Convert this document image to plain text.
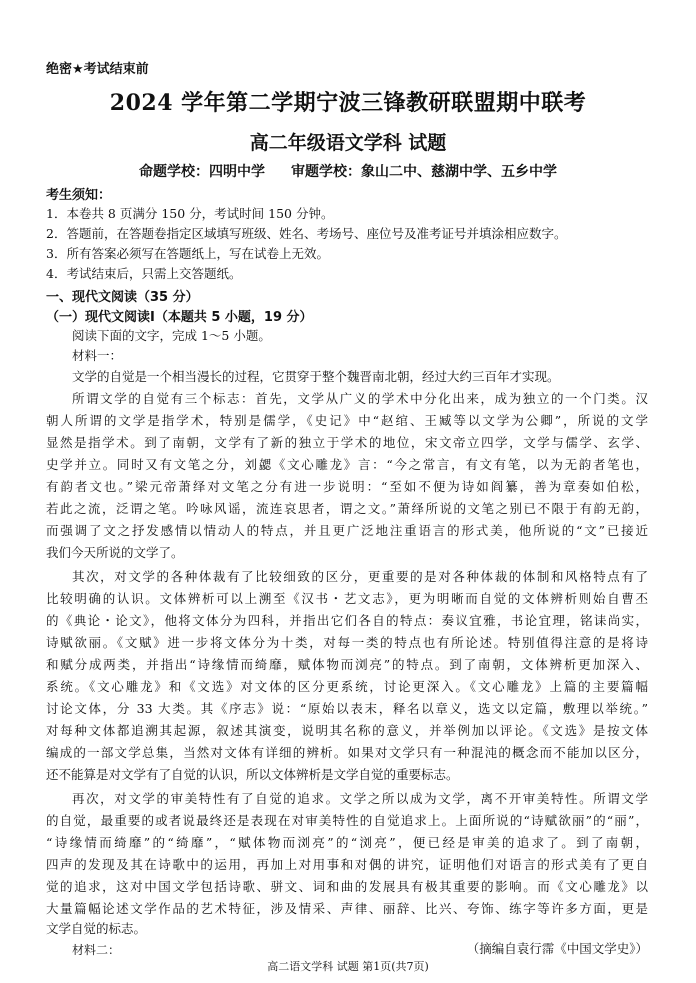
绝密★考试结束前
2024 学年第二学期宁波三锋教研联盟期中联考
高二年级语文学科 试题
命题学校：四明中学 审题学校：象山二中、慈湖中学、五乡中学
考生须知：
1．本卷共 8 页满分 150 分，考试时间 150 分钟。
2．答题前，在答题卷指定区域填写班级、姓名、考场号、座位号及准考证号并填涂相应数字。
3．所有答案必须写在答题纸上，写在试卷上无效。
4．考试结束后，只需上交答题纸。
一、现代文阅读（35 分）
（一）现代文阅读Ⅰ（本题共 5 小题，19 分）
阅读下面的文字，完成 1～5 小题。
材料一：
文学的自觉是一个相当漫长的过程，它贯穿于整个魏晋南北朝，经过大约三百年才实现。
所谓文学的自觉有三个标志：首先，文学从广义的学术中分化出来，成为独立的一个门类。汉
朝人所谓的文学是指学术，特别是儒学，《史记》中“赵绾、王臧等以文学为公卿”，所说的文学
显然是指学术。到了南朝，文学有了新的独立于学术的地位，宋文帝立四学，文学与儒学、玄学、
史学并立。同时又有文笔之分，刘勰《文心雕龙》言：“今之常言，有文有笔，以为无韵者笔也，
有韵者文也。”梁元帝萧绎对文笔之分有进一步说明：“至如不便为诗如阎纂，善为章奏如伯松，
若此之流，泛谓之笔。吟咏风谣，流连哀思者，谓之文。”萧绎所说的文笔之别已不限于有韵无韵，
而强调了文之抒发感情以情动人的特点，并且更广泛地注重语言的形式美，他所说的“文”已接近
我们今天所说的文学了。
其次，对文学的各种体裁有了比较细致的区分，更重要的是对各种体裁的体制和风格特点有了
比较明确的认识。文体辨析可以上溯至《汉书・艺文志》，更为明晰而自觉的文体辨析则始自曹丕
的《典论・论文》，他将文体分为四科，并指出它们各自的特点：奏议宜雅，书论宜理，铭诔尚实，
诗赋欲丽。《文赋》进一步将文体分为十类，对每一类的特点也有所论述。特别值得注意的是将诗
和赋分成两类，并指出“诗缘情而绮靡，赋体物而浏亮”的特点。到了南朝，文体辨析更加深入、
系统。《文心雕龙》和《文选》对文体的区分更系统，讨论更深入。《文心雕龙》上篇的主要篇幅
讨论文体，分 33 大类。其《序志》说：“原始以表末，释名以章义，选文以定篇，敷理以举统。”
对每种文体都追溯其起源，叙述其演变，说明其名称的意义，并举例加以评论。《文选》是按文体
编成的一部文学总集，当然对文体有详细的辨析。如果对文学只有一种混沌的概念而不能加以区分，
还不能算是对文学有了自觉的认识，所以文体辨析是文学自觉的重要标志。
再次，对文学的审美特性有了自觉的追求。文学之所以成为文学，离不开审美特性。所谓文学
的自觉，最重要的或者说最终还是表现在对审美特性的自觉追求上。上面所说的“诗赋欲丽”的“丽”，
“诗缘情而绮靡”的“绮靡”，“赋体物而浏亮”的“浏亮”，便已经是审美的追求了。到了南朝，
四声的发现及其在诗歌中的运用，再加上对用事和对偶的讲究，证明他们对语言的形式美有了更自
觉的追求，这对中国文学包括诗歌、骈文、词和曲的发展具有极其重要的影响。而《文心雕龙》以
大量篇幅论述文学作品的艺术特征，涉及情采、声律、丽辞、比兴、夸饰、练字等许多方面，更是
文学自觉的标志。
（摘编自袁行霈《中国文学史》）
材料二：
高二语文学科 试题 第1页(共7页)
